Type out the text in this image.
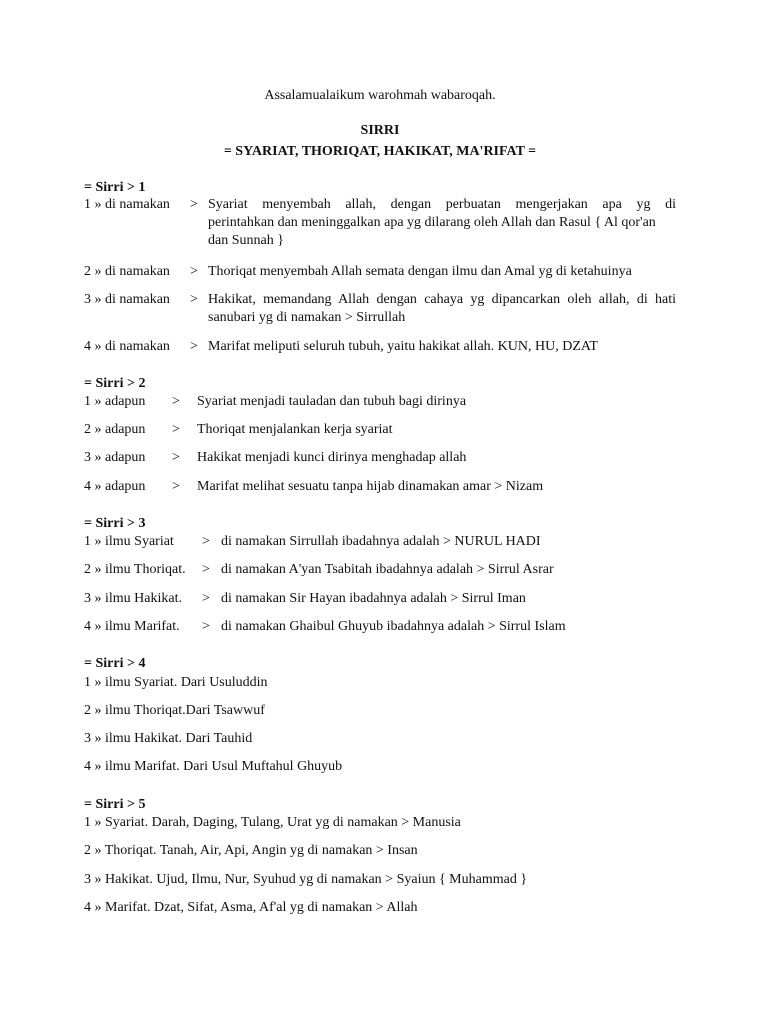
Assalamualaikum warohmah wabaroqah.
SIRRI
= SYARIAT, THORIQAT, HAKIKAT, MA'RIFAT =
= Sirri > 1
1 » di namakan > Syariat menyembah allah, dengan perbuatan mengerjakan apa yg di
perintahkan dan meninggalkan apa yg dilarang oleh Allah dan Rasul { Al qor'an
dan Sunnah }
2 » di namakan > Thoriqat menyembah Allah semata dengan ilmu dan Amal yg di ketahuinya
3 » di namakan > Hakikat, memandang Allah dengan cahaya yg dipancarkan oleh allah, di hati
sanubari yg di namakan > Sirrullah
4 » di namakan > Marifat meliputi seluruh tubuh, yaitu hakikat allah. KUN, HU, DZAT
= Sirri > 2
1 » adapun > Syariat menjadi tauladan dan tubuh bagi dirinya
2 » adapun > Thoriqat menjalankan kerja syariat
3 » adapun > Hakikat menjadi kunci dirinya menghadap allah
4 » adapun > Marifat melihat sesuatu tanpa hijab dinamakan amar > Nizam
= Sirri > 3
1 » ilmu Syariat > di namakan Sirrullah ibadahnya adalah > NURUL HADI
2 » ilmu Thoriqat. > di namakan A'yan Tsabitah ibadahnya adalah > Sirrul Asrar
3 » ilmu Hakikat. > di namakan Sir Hayan ibadahnya adalah > Sirrul Iman
4 » ilmu Marifat. > di namakan Ghaibul Ghuyub ibadahnya adalah > Sirrul Islam
= Sirri > 4
1 » ilmu Syariat. Dari Usuluddin
2 » ilmu Thoriqat.Dari Tsawwuf
3 » ilmu Hakikat. Dari Tauhid
4 » ilmu Marifat. Dari Usul Muftahul Ghuyub
= Sirri > 5
1 » Syariat. Darah, Daging, Tulang, Urat yg di namakan > Manusia
2 » Thoriqat. Tanah, Air, Api, Angin yg di namakan > Insan
3 » Hakikat. Ujud, Ilmu, Nur, Syuhud yg di namakan > Syaiun { Muhammad }
4 » Marifat. Dzat, Sifat, Asma, Af'al yg di namakan > Allah
